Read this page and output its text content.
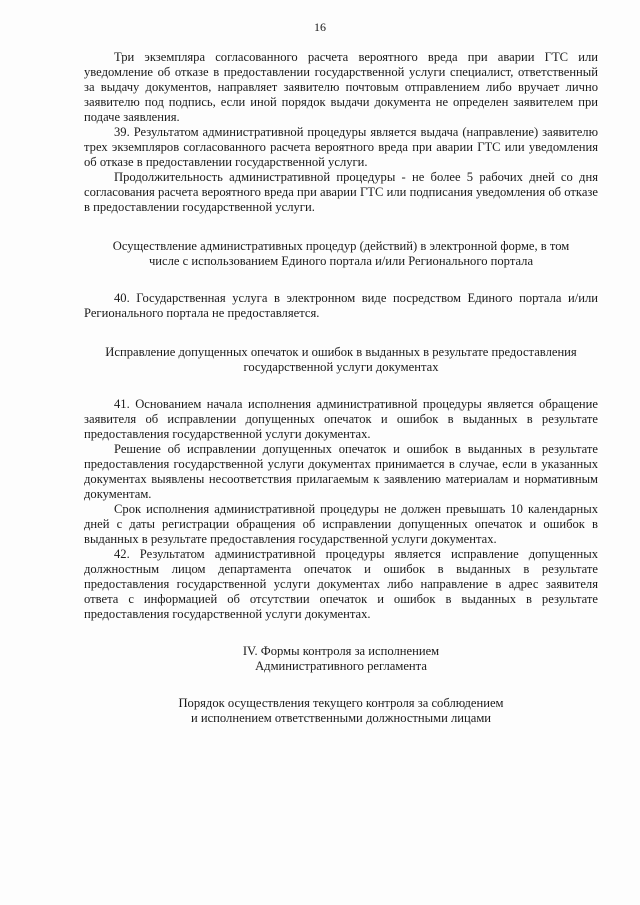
16

Три экземпляра согласованного расчета вероятного вреда при аварии ГТС или уведомление об отказе в предоставлении государственной услуги специалист, ответственный за выдачу документов, направляет заявителю почтовым отправлением либо вручает лично заявителю под подпись, если иной порядок выдачи документа не определен заявителем при подаче заявления.

39. Результатом административной процедуры является выдача (направление) заявителю трех экземпляров согласованного расчета вероятного вреда при аварии ГТС или уведомления об отказе в предоставлении государственной услуги.

Продолжительность административной процедуры - не более 5 рабочих дней со дня согласования расчета вероятного вреда при аварии ГТС или подписания уведомления об отказе в предоставлении государственной услуги.

Осуществление административных процедур (действий) в электронной форме, в том числе с использованием Единого портала и/или Регионального портала

40. Государственная услуга в электронном виде посредством Единого портала и/или Регионального портала не предоставляется.

Исправление допущенных опечаток и ошибок в выданных в результате предоставления государственной услуги документах

41. Основанием начала исполнения административной процедуры является обращение заявителя об исправлении допущенных опечаток и ошибок в выданных в результате предоставления государственной услуги документах.

Решение об исправлении допущенных опечаток и ошибок в выданных в результате предоставления государственной услуги документах принимается в случае, если в указанных документах выявлены несоответствия прилагаемым к заявлению материалам и нормативным документам.

Срок исполнения административной процедуры не должен превышать 10 календарных дней с даты регистрации обращения об исправлении допущенных опечаток и ошибок в выданных в результате предоставления государственной услуги документах.

42. Результатом административной процедуры является исправление допущенных должностным лицом департамента опечаток и ошибок в выданных в результате предоставления государственной услуги документах либо направление в адрес заявителя ответа с информацией об отсутствии опечаток и ошибок в выданных в результате предоставления государственной услуги документах.

IV. Формы контроля за исполнением
Административного регламента

Порядок осуществления текущего контроля за соблюдением
и исполнением ответственными должностными лицами
